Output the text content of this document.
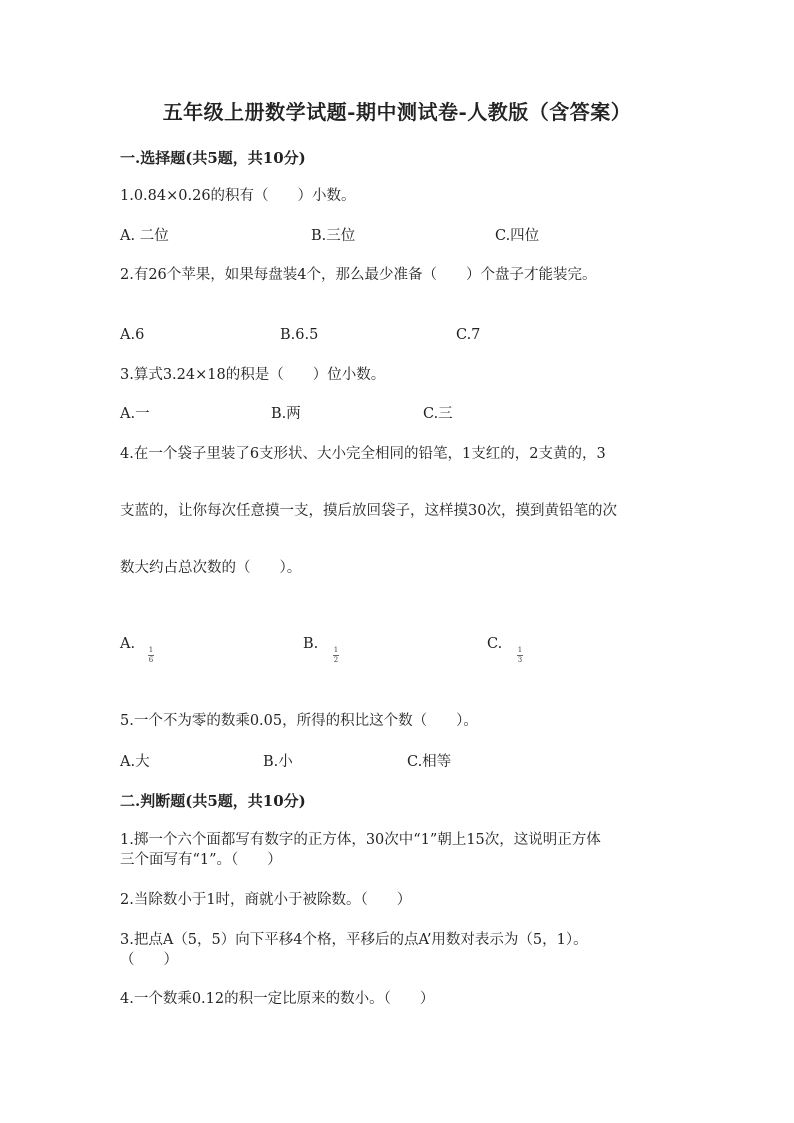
五年级上册数学试题-期中测试卷-人教版（含答案）
一.选择题(共5题，共10分)
1.0.84×0.26的积有（　　）小数。
A. 二位	B.三位	C.四位
2.有26个苹果，如果每盘装4个，那么最少准备（　　）个盘子才能装完。
A.6	B.6.5	C.7
3.算式3.24×18的积是（　　）位小数。
A.一	B.两	C.三
4.在一个袋子里装了6支形状、大小完全相同的铅笔，1支红的，2支黄的，3
支蓝的，让你每次任意摸一支，摸后放回袋子，这样摸30次，摸到黄铅笔的次
数大约占总次数的（　　）。
A. 1
6
B. 1
2
C. 1
3
5.一个不为零的数乘0.05，所得的积比这个数（　　）。
A.大	B.小	C.相等
二.判断题(共5题，共10分)
1.掷一个六个面都写有数字的正方体，30次中“1”朝上15次，这说明正方体
三个面写有“1”。（　　）
2.当除数小于1时，商就小于被除数。（　　）
3.把点A（5，5）向下平移4个格，平移后的点A’用数对表示为（5，1）。
（　　）
4.一个数乘0.12的积一定比原来的数小。（　　）
